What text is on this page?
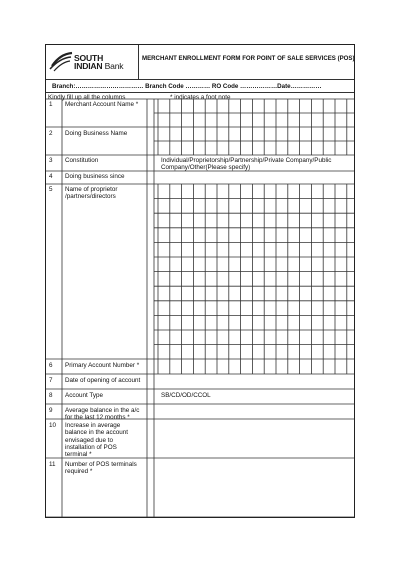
SOUTH
INDIAN Bank
MERCHANT ENROLLMENT FORM FOR POINT OF SALE SERVICES (POS)
Branch:…………………………… Branch Code ………… RO Code ………………Date……………
Kindly fill up all the columns	* indicates a foot note
1 Merchant Account Name *
2 Doing Business Name
3 Constitution	Individual/Proprietorship/Partnership/Private Company/Public Company/Other(Please specify)
4 Doing business since
5 Name of proprietor /partners/directors
6 Primary Account Number *
7 Date of opening of account
8 Account Type	SB/CD/OD/CCOL
9 Average balance in the a/c for the last 12 months *
10 Increase in average balance in the account envisaged due to installation of POS terminal *
11 Number of POS terminals required *
